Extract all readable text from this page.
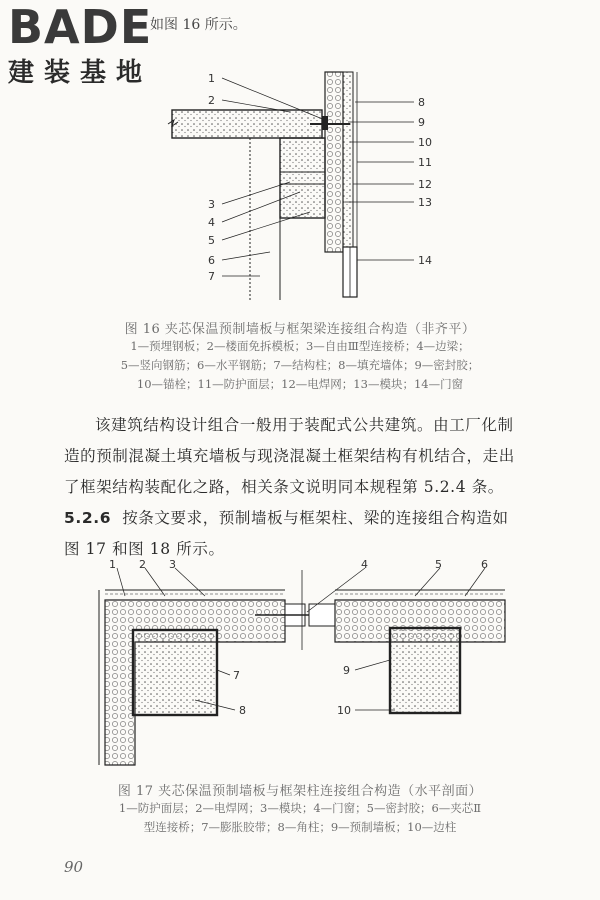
BADE
建装基地
如图 16 所示。
1
2
3
4
5
6
7
8
9
10
11
12
13
14
图 16 夹芯保温预制墙板与框架梁连接组合构造（非齐平）
1—预埋钢板；2—楼面免拆模板；3—自由Ⅲ型连接桥；4—边梁；
5—竖向钢筋；6—水平钢筋；7—结构柱；8—填充墙体；9—密封胶；
10—锚栓；11—防护面层；12—电焊网；13—模块；14—门窗

该建筑结构设计组合一般用于装配式公共建筑。由工厂化制

造的预制混凝土填充墙板与现浇混凝土框架结构有机结合，走出

了框架结构装配化之路，相关条文说明同本规程第 5.2.4 条。

5.2.6 按条文要求，预制墙板与框架柱、梁的连接组合构造如

图 17 和图 18 所示。

1 2 3	4	5	6
7
8
9
10
图 17 夹芯保温预制墙板与框架柱连接组合构造（水平剖面）
1—防护面层；2—电焊网；3—模块；4—门窗；5—密封胶；6—夹芯Ⅱ
型连接桥；7—膨胀胶带；8—角柱；9—预制墙板；10—边柱
90
